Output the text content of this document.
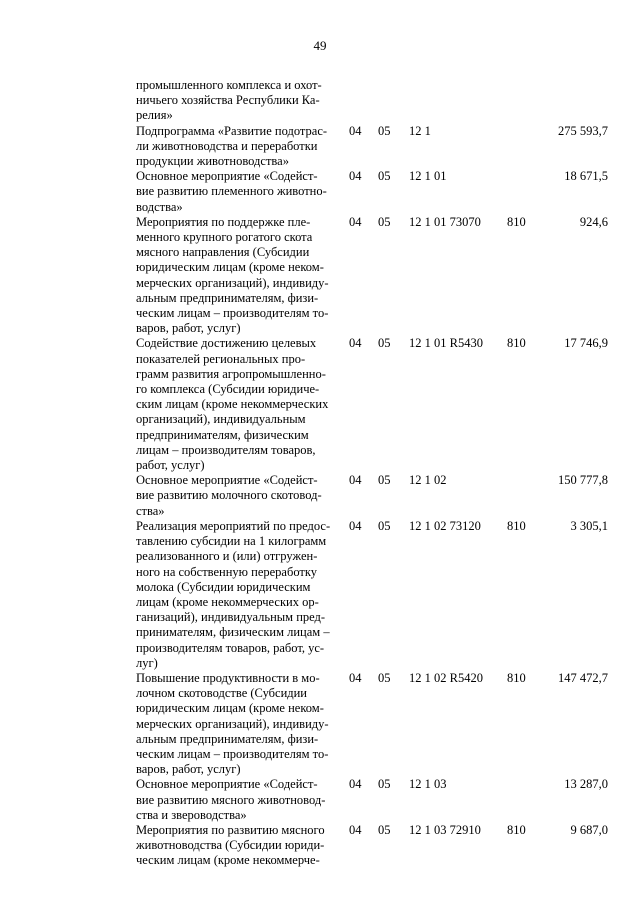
49
промышленного комплекса и охот-
ничьего хозяйства Республики Ка-
релия»
Подпрограмма «Развитие подотрас-
ли животноводства и переработки
продукции животноводства»
04 05 12 1	275 593,7
Основное мероприятие «Содейст-
вие развитию племенного животно-
водства»
04 05 12 1 01	18 671,5
Мероприятия по поддержке пле-
менного крупного рогатого скота
мясного направления (Субсидии
юридическим лицам (кроме неком-
мерческих организаций), индивиду-
альным предпринимателям, физи-
ческим лицам – производителям то-
варов, работ, услуг)
04 05 12 1 01 73070 810	924,6
Содействие достижению целевых
показателей региональных про-
грамм развития агропромышленно-
го комплекса (Субсидии юридиче-
ским лицам (кроме некоммерческих
организаций), индивидуальным
предпринимателям, физическим
лицам – производителям товаров,
работ, услуг)
04 05 12 1 01 R5430 810	17 746,9
Основное мероприятие «Содейст-
вие развитию молочного скотовод-
ства»
04 05 12 1 02	150 777,8
Реализация мероприятий по предос-
тавлению субсидии на 1 килограмм
реализованного и (или) отгружен-
ного на собственную переработку
молока (Субсидии юридическим
лицам (кроме некоммерческих ор-
ганизаций), индивидуальным пред-
принимателям, физическим лицам –
производителям товаров, работ, ус-
луг)
04 05 12 1 02 73120 810	3 305,1
Повышение продуктивности в мо-
лочном скотоводстве (Субсидии
юридическим лицам (кроме неком-
мерческих организаций), индивиду-
альным предпринимателям, физи-
ческим лицам – производителям то-
варов, работ, услуг)
04 05 12 1 02 R5420 810	147 472,7
Основное мероприятие «Содейст-
вие развитию мясного животновод-
ства и звероводства»
04 05 12 1 03	13 287,0
Мероприятия по развитию мясного
животноводства (Субсидии юриди-
ческим лицам (кроме некоммерче-
04 05 12 1 03 72910 810	9 687,0
